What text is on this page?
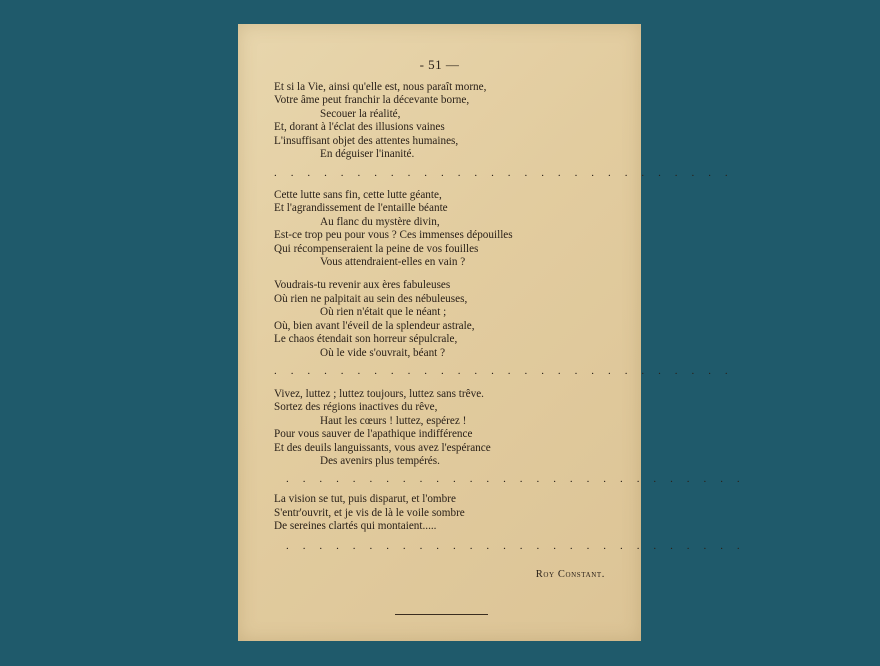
- 51 —
Et si la Vie, ainsi qu'elle est, nous paraît morne,
Votre âme peut franchir la décevante borne,
Secouer la réalité,
Et, dorant à l'éclat des illusions vaines
L'insuffisant objet des attentes humaines,
En déguiser l'inanité.
. . . . . . . . . . . . . . . . . . . . . . . . . . . .
Cette lutte sans fin, cette lutte géante,
Et l'agrandissement de l'entaille béante
Au flanc du mystère divin,
Est-ce trop peu pour vous ? Ces immenses dépouilles
Qui récompenseraient la peine de vos fouilles
Vous attendraient-elles en vain ?
Voudrais-tu revenir aux ères fabuleuses
Où rien ne palpitait au sein des nébuleuses,
Où rien n'était que le néant ;
Où, bien avant l'éveil de la splendeur astrale,
Le chaos étendait son horreur sépulcrale,
Où le vide s'ouvrait, béant ?
. . . . . . . . . . . . . . . . . . . . . . . . . . . .
Vivez, luttez ; luttez toujours, luttez sans trêve.
Sortez des régions inactives du rêve,
Haut les cœurs ! luttez, espérez !
Pour vous sauver de l'apathique indifférence
Et des deuils languissants, vous avez l'espérance
Des avenirs plus tempérés.
. . . . . . . . . . . . . . . . . . . . . . . . . . . .
La vision se tut, puis disparut, et l'ombre
S'entr'ouvrit, et je vis de là le voile sombre
De sereines clartés qui montaient.....
. . . . . . . . . . . . . . . . . . . . . . . . . . . .
Roy Constant.
